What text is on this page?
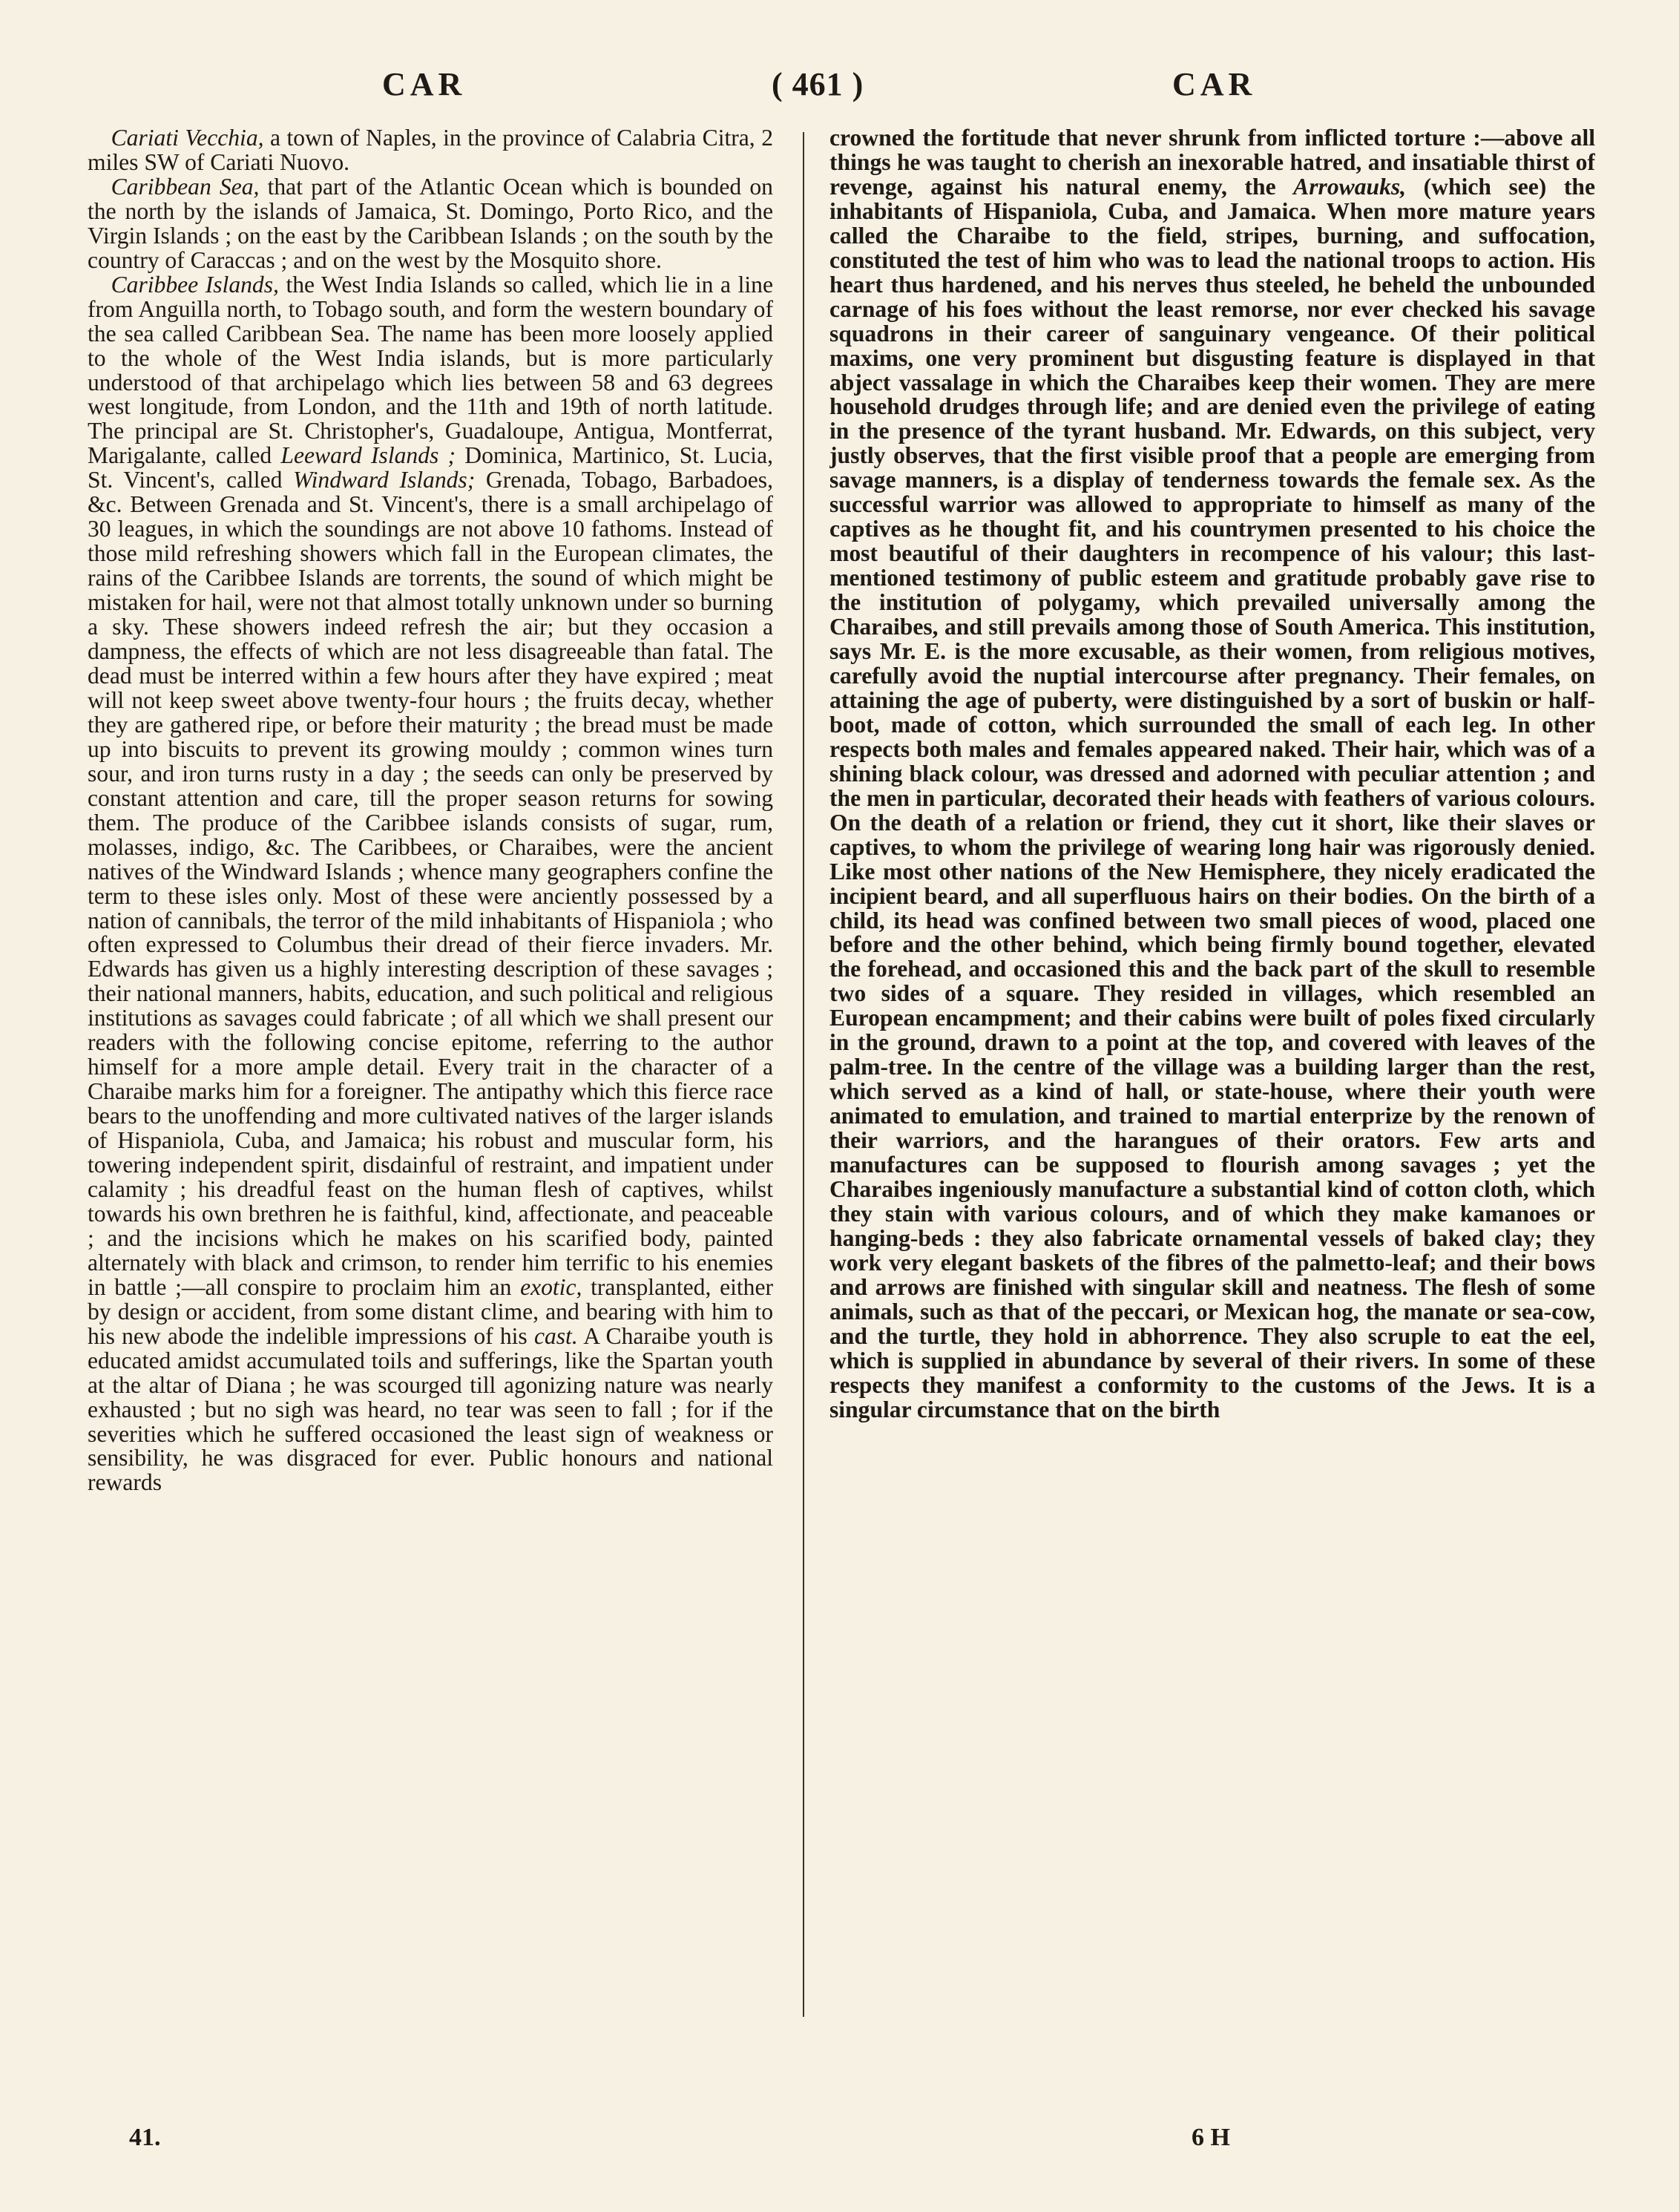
CAR	( 461 )	CAR

 Cariati Vecchia, a town of Naples, in the province of Calabria Citra, 2 miles SW of Cariati Nuovo.

 Caribbean Sea, that part of the Atlantic Ocean which is bounded on the north by the islands of Jamaica, St. Domingo, Porto Rico, and the Virgin Islands ; on the east by the Caribbean Islands ; on the south by the country of Caraccas ; and on the west by the Mosquito shore.

 Caribbee Islands, the West India Islands so called, which lie in a line from Anguilla north, to Tobago south, and form the western boundary of the sea called Caribbean Sea. The name has been more loosely applied to the whole of the West India islands, but is more particularly understood of that archipelago which lies between 58 and 63 degrees west longitude, from London, and the 11th and 19th of north latitude. The principal are St. Christopher's, Guadaloupe, Antigua, Montferrat, Marigalante, called Leeward Islands ; Dominica, Martinico, St. Lucia, St. Vincent's, called Windward Islands; Grenada, Tobago, Barbadoes, &c. Between Grenada and St. Vincent's, there is a small archipelago of 30 leagues, in which the soundings are not above 10 fathoms. Instead of those mild refreshing showers which fall in the European climates, the rains of the Caribbee Islands are torrents, the sound of which might be mistaken for hail, were not that almost totally unknown under so burning a sky. These showers indeed refresh the air; but they occasion a dampness, the effects of which are not less disagreeable than fatal. The dead must be interred within a few hours after they have expired ; meat will not keep sweet above twenty-four hours ; the fruits decay, whether they are gathered ripe, or before their maturity ; the bread must be made up into biscuits to prevent its growing mouldy ; common wines turn sour, and iron turns rusty in a day ; the seeds can only be preserved by constant attention and care, till the proper season returns for sowing them. The produce of the Caribbee islands consists of sugar, rum, molasses, indigo, &c. The Caribbees, or Charaibes, were the ancient natives of the Windward Islands ; whence many geographers confine the term to these isles only. Most of these were anciently possessed by a nation of cannibals, the terror of the mild inhabitants of Hispaniola ; who often expressed to Columbus their dread of their fierce invaders. Mr. Edwards has given us a highly interesting description of these savages ; their national manners, habits, education, and such political and religious institutions as savages could fabricate ; of all which we shall present our readers with the following concise epitome, referring to the author himself for a more ample detail. Every trait in the character of a Charaibe marks him for a foreigner. The antipathy which this fierce race bears to the unoffending and more cultivated natives of the larger islands of Hispaniola, Cuba, and Jamaica; his robust and muscular form, his towering independent spirit, disdainful of restraint, and impatient under calamity ; his dreadful feast on the human flesh of captives, whilst towards his own brethren he is faithful, kind, affectionate, and peaceable ; and the incisions which he makes on his scarified body, painted alternately with black and crimson, to render him terrific to his enemies in battle ;—all conspire to proclaim him an exotic, transplanted, either by design or accident, from some distant clime, and bearing with him to his new abode the indelible impressions of his cast. A Charaibe youth is educated amidst accumulated toils and sufferings, like the Spartan youth at the altar of Diana ; he was scourged till agonizing nature was nearly exhausted ; but no sigh was heard, no tear was seen to fall ; for if the severities which he suffered occasioned the least sign of weakness or sensibility, he was disgraced for ever. Public honours and national rewards

crowned the fortitude that never shrunk from inflicted torture :—above all things he was taught to cherish an inexorable hatred, and insatiable thirst of revenge, against his natural enemy, the Arrowauks, (which see) the inhabitants of Hispaniola, Cuba, and Jamaica. When more mature years called the Charaibe to the field, stripes, burning, and suffocation, constituted the test of him who was to lead the national troops to action. His heart thus hardened, and his nerves thus steeled, he beheld the unbounded carnage of his foes without the least remorse, nor ever checked his savage squadrons in their career of sanguinary vengeance. Of their political maxims, one very prominent but disgusting feature is displayed in that abject vassalage in which the Charaibes keep their women. They are mere household drudges through life; and are denied even the privilege of eating in the presence of the tyrant husband. Mr. Edwards, on this subject, very justly observes, that the first visible proof that a people are emerging from savage manners, is a display of tenderness towards the female sex. As the successful warrior was allowed to appropriate to himself as many of the captives as he thought fit, and his countrymen presented to his choice the most beautiful of their daughters in recompence of his valour; this last-mentioned testimony of public esteem and gratitude probably gave rise to the institution of polygamy, which prevailed universally among the Charaibes, and still prevails among those of South America. This institution, says Mr. E. is the more excusable, as their women, from religious motives, carefully avoid the nuptial intercourse after pregnancy. Their females, on attaining the age of puberty, were distinguished by a sort of buskin or half-boot, made of cotton, which surrounded the small of each leg. In other respects both males and females appeared naked. Their hair, which was of a shining black colour, was dressed and adorned with peculiar attention ; and the men in particular, decorated their heads with feathers of various colours. On the death of a relation or friend, they cut it short, like their slaves or captives, to whom the privilege of wearing long hair was rigorously denied. Like most other nations of the New Hemisphere, they nicely eradicated the incipient beard, and all superfluous hairs on their bodies. On the birth of a child, its head was confined between two small pieces of wood, placed one before and the other behind, which being firmly bound together, elevated the forehead, and occasioned this and the back part of the skull to resemble two sides of a square. They resided in villages, which resembled an European encampment; and their cabins were built of poles fixed circularly in the ground, drawn to a point at the top, and covered with leaves of the palm-tree. In the centre of the village was a building larger than the rest, which served as a kind of hall, or state-house, where their youth were animated to emulation, and trained to martial enterprize by the renown of their warriors, and the harangues of their orators. Few arts and manufactures can be supposed to flourish among savages ; yet the Charaibes ingeniously manufacture a substantial kind of cotton cloth, which they stain with various colours, and of which they make kamanoes or hanging-beds : they also fabricate ornamental vessels of baked clay; they work very elegant baskets of the fibres of the palmetto-leaf; and their bows and arrows are finished with singular skill and neatness. The flesh of some animals, such as that of the peccari, or Mexican hog, the manate or sea-cow, and the turtle, they hold in abhorrence. They also scruple to eat the eel, which is supplied in abundance by several of their rivers. In some of these respects they manifest a conformity to the customs of the Jews. It is a singular circumstance that on the birth

41.	6 H
